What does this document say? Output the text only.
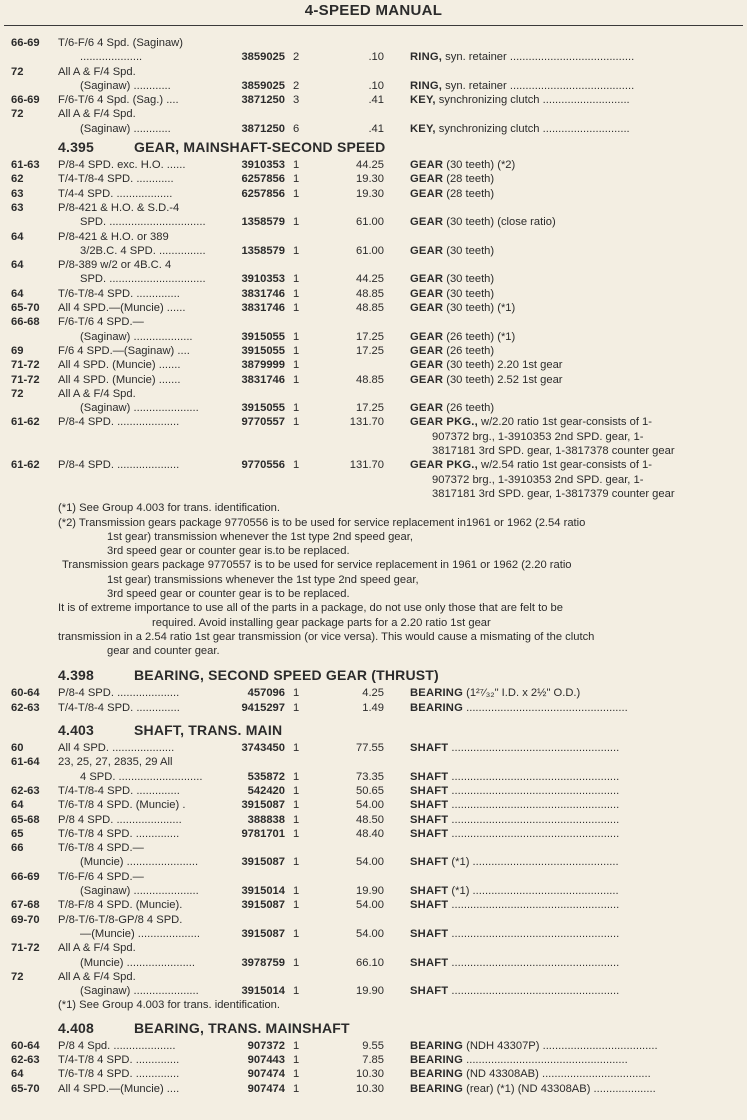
4-SPEED MANUAL
66-69 T/6-F/6 4 Spd. (Saginaw)
....................	3859025 2	.10 RING, syn. retainer ........................................
72	All A & F/4 Spd.
(Saginaw) ............	3859025 2	.10 RING, syn. retainer ........................................
66-69 F/6-T/6 4 Spd. (Sag.) ....	3871250 3	.41 KEY, synchronizing clutch ............................
72	All A & F/4 Spd.
(Saginaw) ............	3871250 6	.41 KEY, synchronizing clutch ............................
4.395	GEAR, MAINSHAFT-SECOND SPEED
61-63 P/8-4 SPD. exc. H.O. ......	3910353 1	44.25 GEAR (30 teeth) (*2)
62	T/4-T/8-4 SPD. ............	6257856 1	19.30 GEAR (28 teeth)
63	T/4-4 SPD. ..................	6257856 1	19.30 GEAR (28 teeth)
63	P/8-421 & H.O. & S.D.-4
SPD. ...............................	1358579 1	61.00 GEAR (30 teeth) (close ratio)
64	P/8-421 & H.O. or 389
3/2B.C. 4 SPD. ...............	1358579 1	61.00 GEAR (30 teeth)
64	P/8-389 w/2 or 4B.C. 4
SPD. ...............................	3910353 1	44.25 GEAR (30 teeth)
64	T/6-T/8-4 SPD. ..............	3831746 1	48.85 GEAR (30 teeth)
65-70 All 4 SPD.—(Muncie) ......	3831746 1	48.85 GEAR (30 teeth) (*1)
66-68 F/6-T/6 4 SPD.—
(Saginaw) ...................	3915055 1	17.25 GEAR (26 teeth) (*1)
69	F/6 4 SPD.—(Saginaw) ....	3915055 1	17.25 GEAR (26 teeth)
71-72 All 4 SPD. (Muncie) .......	3879999 1	GEAR (30 teeth) 2.20 1st gear
71-72 All 4 SPD. (Muncie) .......	3831746 1	48.85 GEAR (30 teeth) 2.52 1st gear
72	All A & F/4 Spd.
(Saginaw) .....................	3915055 1	17.25 GEAR (26 teeth)
61-62 P/8-4 SPD. ....................	9770557 1	131.70 GEAR PKG., w/2.20 ratio 1st gear-consists of 1-
907372 brg., 1-3910353 2nd SPD. gear, 1-
3817181 3rd SPD. gear, 1-3817378 counter gear
61-62 P/8-4 SPD. ....................	9770556 1	131.70 GEAR PKG., w/2.54 ratio 1st gear-consists of 1-
907372 brg., 1-3910353 2nd SPD. gear, 1-
3817181 3rd SPD. gear, 1-3817379 counter gear
(*1) See Group 4.003 for trans. identification.
(*2) Transmission gears package 9770556 is to be used for service replacement in1961 or 1962 (2.54 ratio
1st gear) transmission whenever the 1st type 2nd speed gear,
3rd speed gear or counter gear is.to be replaced.
Transmission gears package 9770557 is to be used for service replacement in 1961 or 1962 (2.20 ratio
1st gear) transmissions whenever the 1st type 2nd speed gear,
3rd speed gear or counter gear is to be replaced.
It is of extreme importance to use all of the parts in a package, do not use only those that are felt to be
required. Avoid installing gear package parts for a 2.20 ratio 1st gear
transmission in a 2.54 ratio 1st gear transmission (or vice versa). This would cause a mismating of the clutch
gear and counter gear.
4.398	BEARING, SECOND SPEED GEAR (THRUST)
60-64 P/8-4 SPD. ....................	457096 1	4.25 BEARING (1²⁷⁄₃₂" I.D. x 2½" O.D.)
62-63 T/4-T/8-4 SPD. ..............	9415297 1	1.49 BEARING ....................................................
4.403	SHAFT, TRANS. MAIN
60	All 4 SPD. ....................	3743450 1	77.55 SHAFT ......................................................
61-64 23, 25, 27, 2835, 29 All
4 SPD. ...........................	535872 1	73.35 SHAFT ......................................................
62-63 T/4-T/8-4 SPD. ..............	542420 1	50.65 SHAFT ......................................................
64	T/6-T/8 4 SPD. (Muncie) .	3915087 1	54.00 SHAFT ......................................................
65-68 P/8 4 SPD. .....................	388838 1	48.50 SHAFT ......................................................
65	T/6-T/8 4 SPD. ..............	9781701 1	48.40 SHAFT ......................................................
66	T/6-T/8 4 SPD.—
(Muncie) .......................	3915087 1	54.00 SHAFT (*1) ...............................................
66-69 T/6-F/6 4 SPD.—
(Saginaw) .....................	3915014 1	19.90 SHAFT (*1) ...............................................
67-68 T/8-F/8 4 SPD. (Muncie).	3915087 1	54.00 SHAFT ......................................................
69-70 P/8-T/6-T/8-GP/8 4 SPD.
—(Muncie) ....................	3915087 1	54.00 SHAFT ......................................................
71-72 All A & F/4 Spd.
(Muncie) ......................	3978759 1	66.10 SHAFT ......................................................
72	All A & F/4 Spd.
(Saginaw) .....................	3915014 1	19.90 SHAFT ......................................................
(*1) See Group 4.003 for trans. identification.
4.408	BEARING, TRANS. MAINSHAFT
60-64 P/8 4 Spd. ....................	907372 1	9.55 BEARING (NDH 43307P) .....................................
62-63 T/4-T/8 4 SPD. ..............	907443 1	7.85 BEARING ....................................................
64	T/6-T/8 4 SPD. ..............	907474 1	10.30 BEARING (ND 43308AB) ...................................
65-70 All 4 SPD.—(Muncie) ....	907474 1	10.30 BEARING (rear) (*1) (ND 43308AB) ....................
